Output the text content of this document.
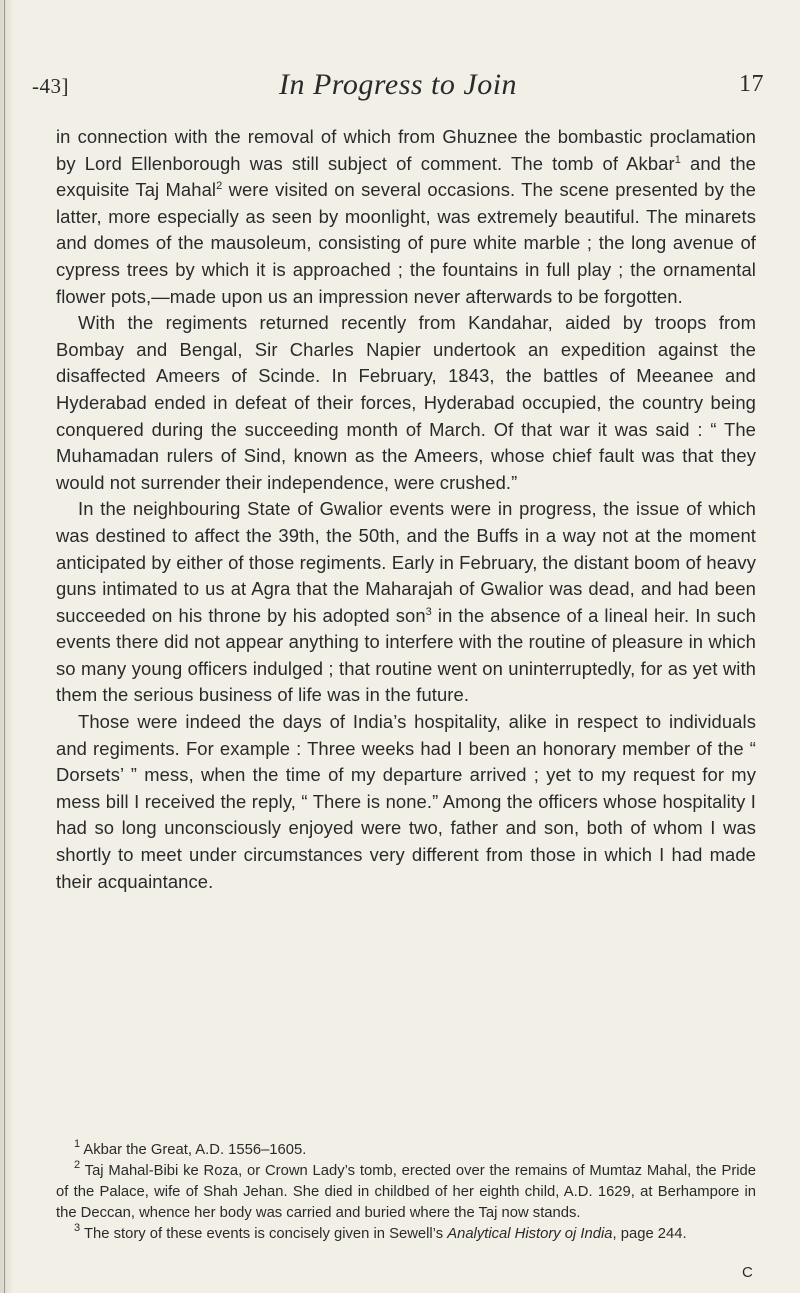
-43]	In Progress to Join	17

in connection with the removal of which from Ghuznee the bombastic proclamation by Lord Ellenborough was still subject of comment. The tomb of Akbar$^1$ and the exquisite Taj Mahal$^2$ were visited on several occasions. The scene presented by the latter, more especially as seen by moonlight, was extremely beautiful. The minarets and domes of the mausoleum, consisting of pure white marble ; the long avenue of cypress trees by which it is approached ; the fountains in full play ; the ornamental flower pots,—made upon us an impression never afterwards to be forgotten.

With the regiments returned recently from Kandahar, aided by troops from Bombay and Bengal, Sir Charles Napier undertook an expedition against the disaffected Ameers of Scinde. In February, 1843, the battles of Meeanee and Hyderabad ended in defeat of their forces, Hyderabad occupied, the country being conquered during the succeeding month of March. Of that war it was said : “ The Muhamadan rulers of Sind, known as the Ameers, whose chief fault was that they would not surrender their independence, were crushed.”

In the neighbouring State of Gwalior events were in progress, the issue of which was destined to affect the 39th, the 50th, and the Buffs in a way not at the moment anticipated by either of those regiments. Early in February, the distant boom of heavy guns intimated to us at Agra that the Maharajah of Gwalior was dead, and had been succeeded on his throne by his adopted son$^3$ in the absence of a lineal heir. In such events there did not appear anything to interfere with the routine of pleasure in which so many young officers indulged ; that routine went on uninterruptedly, for as yet with them the serious business of life was in the future.

Those were indeed the days of India’s hospitality, alike in respect to individuals and regiments. For example : Three weeks had I been an honorary member of the “ Dorsets’ ” mess, when the time of my departure arrived ; yet to my request for my mess bill I received the reply, “ There is none.” Among the officers whose hospitality I had so long unconsciously enjoyed were two, father and son, both of whom I was shortly to meet under circumstances very different from those in which I had made their acquaintance.

$^1$ Akbar the Great, A.D. 1556–1605.

$^2$ Taj Mahal-Bibi ke Roza, or Crown Lady’s tomb, erected over the remains of Mumtaz Mahal, the Pride of the Palace, wife of Shah Jehan. She died in childbed of her eighth child, A.D. 1629, at Berhampore in the Deccan, whence her body was carried and buried where the Taj now stands.

$^3$ The story of these events is concisely given in Sewell’s Analytical History oj India, page 244.

C
